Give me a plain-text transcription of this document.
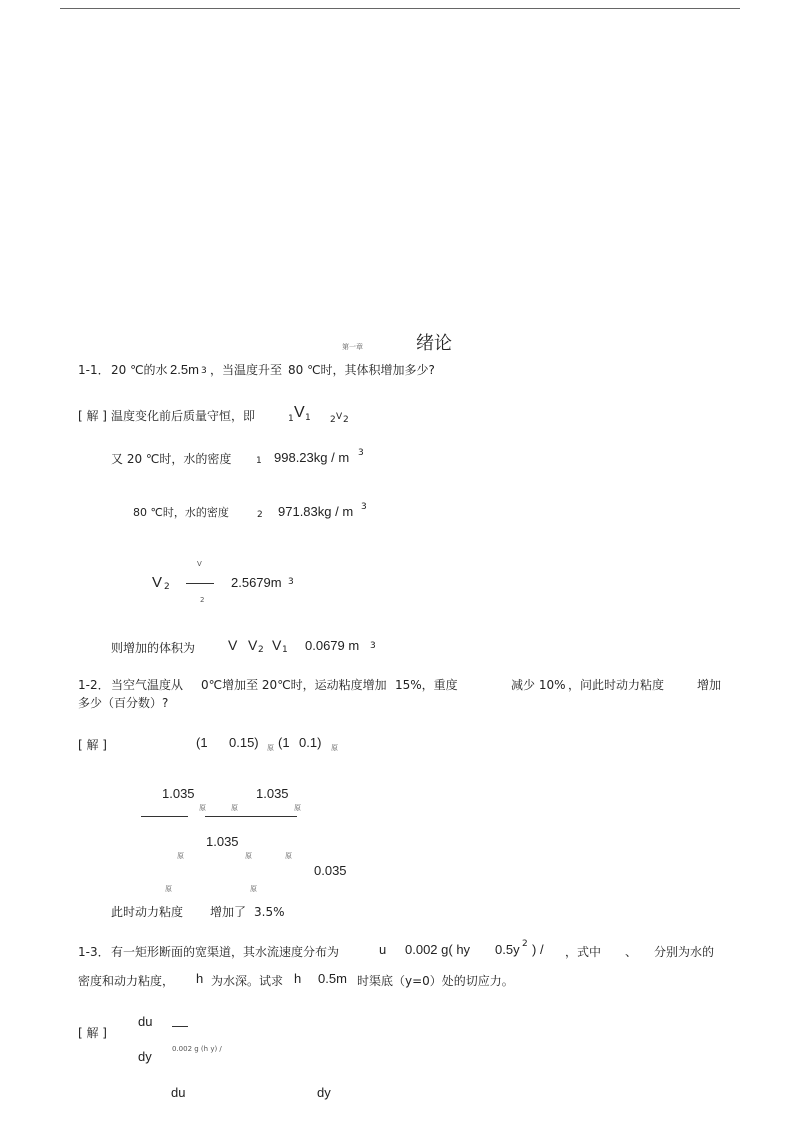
第一章	绪论
1-1． 20 ℃的水 2.5m 3 ，当温度升至 80 ℃时，其体积增加多少?
[ 解 ] 温度变化前后质量守恒，即	1 V 1 2 V 2
又 20 ℃时，水的密度	1 998.23kg / m 3
80 ℃时，水的密度	2 971.83kg / m 3
V
V 2
2
2.5679m 3
则增加的体积为 V V 2 V 1 0.0679 m 3
1-2． 当空气温度从 0℃增加至 20℃时，运动粘度增加 15%，重度	减少 10% ，问此时动力粘度	增加
多少（百分数）?
[ 解 ]	(1 0.15) 原 (1 0.1) 原
1.035
原	原
1.035
原
1.035
原	原	原
0.035
原	原
此时动力粘度 增加了 3.5%
1-3． 有一矩形断面的宽渠道，其水流速度分布为	u 0.002 g( hy 0.5y 2 ) / ，式中 、 分别为水的
密度和动力粘度， h 为水深。试求 h 0.5m 时渠底（y=0）处的切应力。
[ 解 ]
du
dy	0.002 g (h y) /
du	dy
